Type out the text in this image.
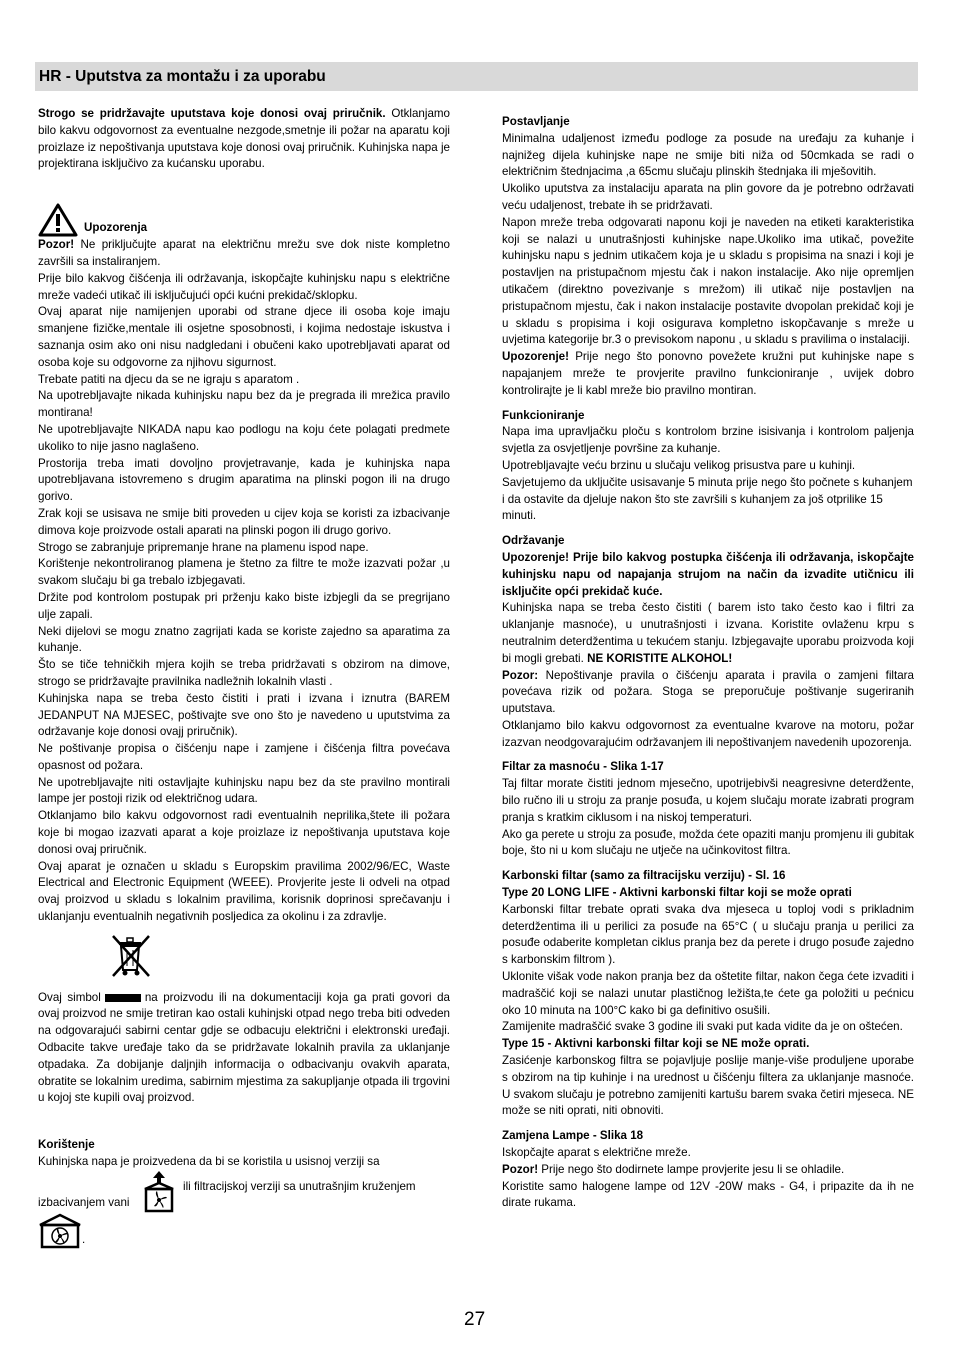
HR - Uputstva za montažu i za uporabu

Strogo se pridržavajte uputstava koje donosi ovaj priručnik. Otklanjamo bilo kakvu odgovornost za eventualne nezgode,smetnje ili požar na aparatu koji proizlaze iz nepoštivanja uputstava koje donosi ovaj priručnik. Kuhinjska napa je projektirana isključivo za kućansku uporabu.

Upozorenja

Pozor! Ne priključujte aparat na električnu mrežu sve dok niste kompletno završili sa instaliranjem.

Prije bilo kakvog čišćenja ili održavanja, iskopčajte kuhinjsku napu s električne mreže vadeći utikač ili isključujući opći kućni prekidač/sklopku.

Ovaj aparat nije namijenjen uporabi od strane djece ili osoba koje imaju smanjene fizičke,mentale ili osjetne sposobnosti, i kojima nedostaje iskustva i saznanja osim ako oni nisu nadgledani i obučeni kako upotrebljavati aparat od osoba koje su odgovorne za njihovu sigurnost.

Trebate patiti na djecu da se ne igraju s aparatom .

Na upotrebljavajte nikada kuhinjsku napu bez da je pregrada ili mrežica pravilo montirana!

Ne upotrebljavajte NIKADA napu kao podlogu na koju ćete polagati predmete ukoliko to nije jasno naglašeno.

Prostorija treba imati dovoljno provjetravanje, kada je kuhinjska napa upotrebljavana istovremeno s drugim aparatima na plinski pogon ili na drugo gorivo.

Zrak koji se usisava ne smije biti proveden u cijev koja se koristi za izbacivanje dimova koje proizvode ostali aparati na plinski pogon ili drugo gorivo.

Strogo se zabranjuje pripremanje hrane na plamenu ispod nape.

Korištenje nekontroliranog plamena je štetno za filtre te može izazvati požar ,u svakom slučaju bi ga trebalo izbjegavati.

Držite pod kontrolom postupak pri prženju kako biste izbjegli da se pregrijano ulje zapali.

Neki dijelovi se mogu znatno zagrijati kada se koriste zajedno sa aparatima za kuhanje.

Što se tiče tehničkih mjera kojih se treba pridržavati s obzirom na dimove, strogo se pridržavajte pravilnika nadležnih lokalnih vlasti .

Kuhinjska napa se treba često čistiti i prati i izvana i iznutra (BAREM JEDANPUT NA MJESEC, poštivajte sve ono što je navedeno u uputstvima za održavanje koje donosi ovajj priručnik).

Ne poštivanje propisa o čišćenju nape i zamjene i čišćenja filtra povećava opasnost od požara.

Ne upotrebljavajte niti ostavljajte kuhinjsku napu bez da ste pravilno montirali lampe jer postoji rizik od električnog udara.

Otklanjamo bilo kakvu odgovornost radi eventualnih neprilika,štete ili požara koje bi mogao izazvati aparat a koje proizlaze iz nepoštivanja uputstava koje donosi ovaj priručnik.

Ovaj aparat je označen u skladu s Europskim pravilima 2002/96/EC, Waste Electrical and Electronic Equipment (WEEE). Provjerite jeste li odveli na otpad ovaj proizvod u skladu s lokalnim pravilima, korisnik doprinosi sprečavanju i uklanjanju eventualnih negativnih posljedica za okolinu i za zdravlje.

Ovaj simbol	na proizvodu ili na dokumentaciji koja ga prati govori da ovaj proizvod ne smije tretiran kao ostali kuhinjski otpad nego treba biti odveden na odgovarajući sabirni centar gdje se odbacuju električni i elektronski uređaji. Odbacite takve uređaje tako da se pridržavate lokalnih pravila za uklanjanje otpadaka. Za dobijanje daljnjih informacija o odbacivanju ovakvih aparata, obratite se lokalnim uredima, sabirnim mjestima za sakupljanje otpada ili trgovini u kojoj ste kupili ovaj proizvod.

Korištenje

Kuhinjska napa je proizvedena da bi se koristila u usisnoj verziji sa

izbacivanjem vani
ili filtracijskoj verziji sa unutrašnjim kruženjem
.
Postavljanje

Minimalna udaljenost između podloge za posude na uređaju za kuhanje i najnižeg dijela kuhinjske nape ne smije biti niža od 50cmkada se radi o električnim štednjacima ,a 65cmu slučaju plinskih štednjaka ili mješovitih.

Ukoliko uputstva za instalaciju aparata na plin govore da je potrebno održavati veću udaljenost, trebate ih se pridržavati.

Napon mreže treba odgovarati naponu koji je naveden na etiketi karakteristika koji se nalazi u unutrašnjosti kuhinjske nape.Ukoliko ima utikač, povežite kuhinjsku napu s jednim utikačem koja je u skladu s propisima na snazi i koji je postavljen na pristupačnom mjestu čak i nakon instalacije. Ako nije opremljen utikačem (direktno povezivanje s mrežom) ili utikač nije postavljen na pristupačnom mjestu, čak i nakon instalacije postavite dvopolan prekidač koji je u skladu s propisima i koji osigurava kompletno iskopčavanje s mreže u uvjetima kategorije br.3 o previsokom naponu , u skladu s pravilima o instalaciji.

Upozorenje! Prije nego što ponovno povežete kružni put kuhinjske nape s napajanjem mreže te provjerite pravilno funkcioniranje , uvijek dobro kontrolirajte je li kabl mreže bio pravilno montiran.

Funkcioniranje

Napa ima upravljačku ploču s kontrolom brzine isisivanja i kontrolom paljenja svjetla za osvjetljenje površine za kuhanje.

Upotrebljavajte veću brzinu u slučaju velikog prisustva pare u kuhinji.

Savjetujemo da uključite usisavanje 5 minuta prije nego što počnete s kuhanjem i da ostavite da djeluje nakon što ste završili s kuhanjem za još otprilike 15 minuti.

Održavanje

Upozorenje! Prije bilo kakvog postupka čišćenja ili održavanja, iskopčajte kuhinjsku napu od napajanja strujom na način da izvadite utičnicu ili isključite opći prekidač kuće.

Kuhinjska napa se treba često čistiti ( barem isto tako često kao i filtri za uklanjanje masnoće), u unutrašnjosti i izvana. Koristite ovlaženu krpu s neutralnim deterdžentima u tekućem stanju. Izbjegavajte uporabu proizvoda koji bi mogli grebati. NE KORISTITE ALKOHOL!

Pozor: Nepoštivanje pravila o čišćenju aparata i pravila o zamjeni filtara povećava rizik od požara. Stoga se preporučuje poštivanje sugeriranih uputstava.

Otklanjamo bilo kakvu odgovornost za eventualne kvarove na motoru, požar izazvan neodgovarajućim održavanjem ili nepoštivanjem navedenih upozorenja.

Filtar za masnoću - Slika 1-17

Taj filtar morate čistiti jednom mjesečno, upotrijebivši neagresivne deterdžente, bilo ručno ili u stroju za pranje posuđa, u kojem slučaju morate izabrati program pranja s kratkim ciklusom i na niskoj temperaturi.

Ako ga perete u stroju za posuđe, možda ćete opaziti manju promjenu ili gubitak boje, što ni u kom slučaju ne utječe na učinkovitost filtra.

Karbonski filtar (samo za filtracijsku verziju) - Sl. 16
Type 20 LONG LIFE - Aktivni karbonski filtar koji se može oprati

Karbonski filtar trebate oprati svaka dva mjeseca u toploj vodi s prikladnim deterdžentima ili u perilici za posuđe na 65°C ( u slučaju pranja u perilici za posuđe odaberite kompletan ciklus pranja bez da perete i drugo posuđe zajedno s karbonskim filtrom ).

Uklonite višak vode nakon pranja bez da oštetite filtar, nakon čega ćete izvaditi i madraščić koji se nalazi unutar plastičnog ležišta,te ćete ga položiti u pećnicu oko 10 minuta na 100°C kako bi ga definitivo osušili.

Zamijenite madraščić svake 3 godine ili svaki put kada vidite da je on oštećen.

Type 15 - Aktivni karbonski filtar koji se NE može oprati.

Zasićenje karbonskog filtra se pojavljuje poslije manje-više produljene uporabe s obzirom na tip kuhinje i na urednost u čišćenju filtera za uklanjanje masnoće. U svakom slučaju je potrebno zamijeniti kartušu barem svaka četiri mjeseca. NE može se niti oprati, niti obnoviti.

Zamjena Lampe - Slika 18

Iskopčajte aparat s električne mreže.

Pozor! Prije nego što dodirnete lampe provjerite jesu li se ohladile.

Koristite samo halogene lampe od 12V -20W maks - G4, i pripazite da ih ne dirate rukama.

27
